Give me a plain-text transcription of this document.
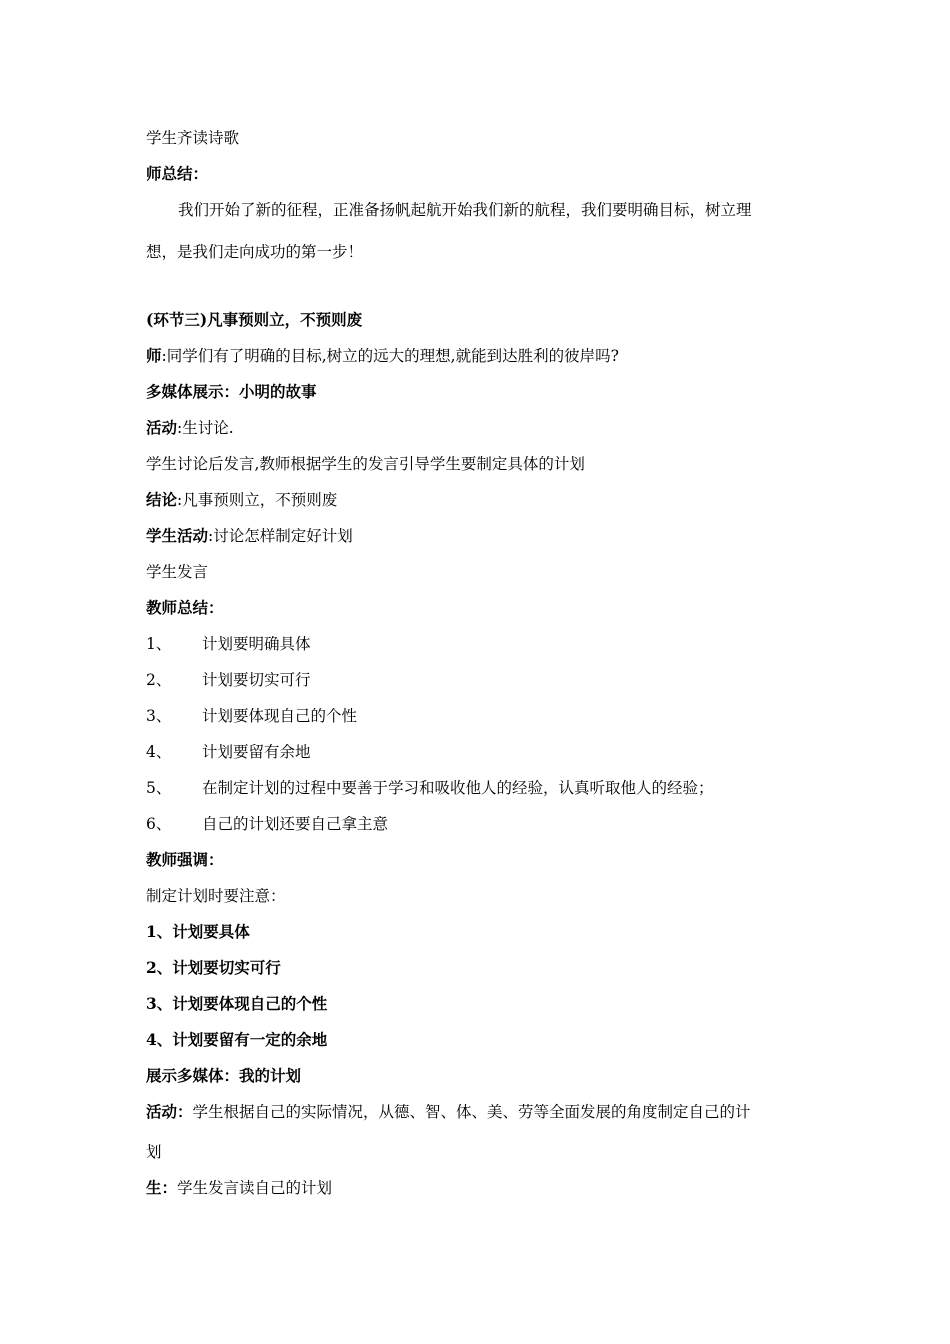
学生齐读诗歌
师总结：
我们开始了新的征程，正准备扬帆起航开始我们新的航程，我们要明确目标，树立理
想，是我们走向成功的第一步！
(环节三)凡事预则立，不预则废
师:同学们有了明确的目标,树立的远大的理想,就能到达胜利的彼岸吗?
多媒体展示：小明的故事
活动:生讨论.
学生讨论后发言,教师根据学生的发言引导学生要制定具体的计划
结论:凡事预则立，不预则废
学生活动:讨论怎样制定好计划
学生发言
教师总结：
1、 计划要明确具体
2、 计划要切实可行
3、 计划要体现自己的个性
4、 计划要留有余地
5、 在制定计划的过程中要善于学习和吸收他人的经验，认真听取他人的经验；
6、 自己的计划还要自己拿主意
教师强调：
制定计划时要注意：
1、计划要具体
2、计划要切实可行
3、计划要体现自己的个性
4、计划要留有一定的余地
展示多媒体：我的计划
活动：学生根据自己的实际情况，从德、智、体、美、劳等全面发展的角度制定自己的计
划
生：学生发言读自己的计划
